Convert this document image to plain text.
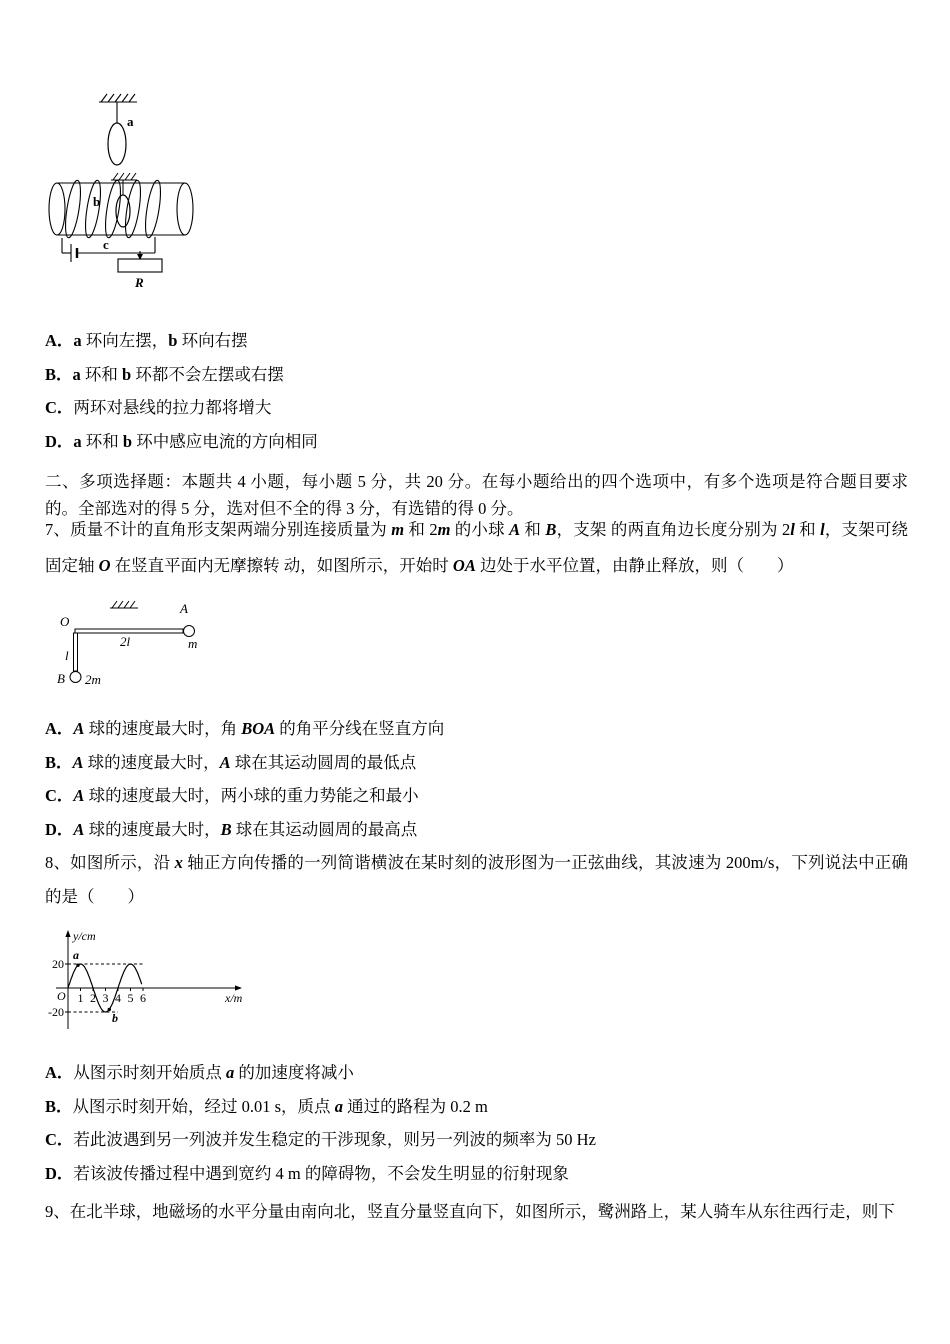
a
b
c
R
A．a 环向左摆，b 环向右摆
B．a 环和 b 环都不会左摆或右摆
C．两环对悬线的拉力都将增大
D．a 环和 b 环中感应电流的方向相同
二、多项选择题：本题共 4 小题，每小题 5 分，共 20 分。在每小题给出的四个选项中，有多个选项是符合题目要求的。全部选对的得 5 分，选对但不全的得 3 分，有选错的得 0 分。
7、质量不计的直角形支架两端分别连接质量为 m 和 2m 的小球 A 和 B，支架 的两直角边长度分别为 2l 和 l，支架可绕固定轴 O 在竖直平面内无摩擦转 动，如图所示，开始时 OA 边处于水平位置，由静止释放，则（　　）
O
A
m
2l
l
B 2m
A．A 球的速度最大时，角 BOA 的角平分线在竖直方向
B．A 球的速度最大时，A 球在其运动圆周的最低点
C．A 球的速度最大时，两小球的重力势能之和最小
D．A 球的速度最大时，B 球在其运动圆周的最高点
8、如图所示，沿 x 轴正方向传播的一列简谐横波在某时刻的波形图为一正弦曲线，其波速为 200m/s，下列说法中正确的是（　　）
y/cm
x/m
20
-20
O
a
b
1 2 3 4 5 6
A．从图示时刻开始质点 a 的加速度将减小
B．从图示时刻开始，经过 0.01 s，质点 a 通过的路程为 0.2 m
C．若此波遇到另一列波并发生稳定的干涉现象，则另一列波的频率为 50 Hz
D．若该波传播过程中遇到宽约 4 m 的障碍物，不会发生明显的衍射现象
9、在北半球，地磁场的水平分量由南向北，竖直分量竖直向下，如图所示，鹭洲路上，某人骑车从东往西行走，则下
